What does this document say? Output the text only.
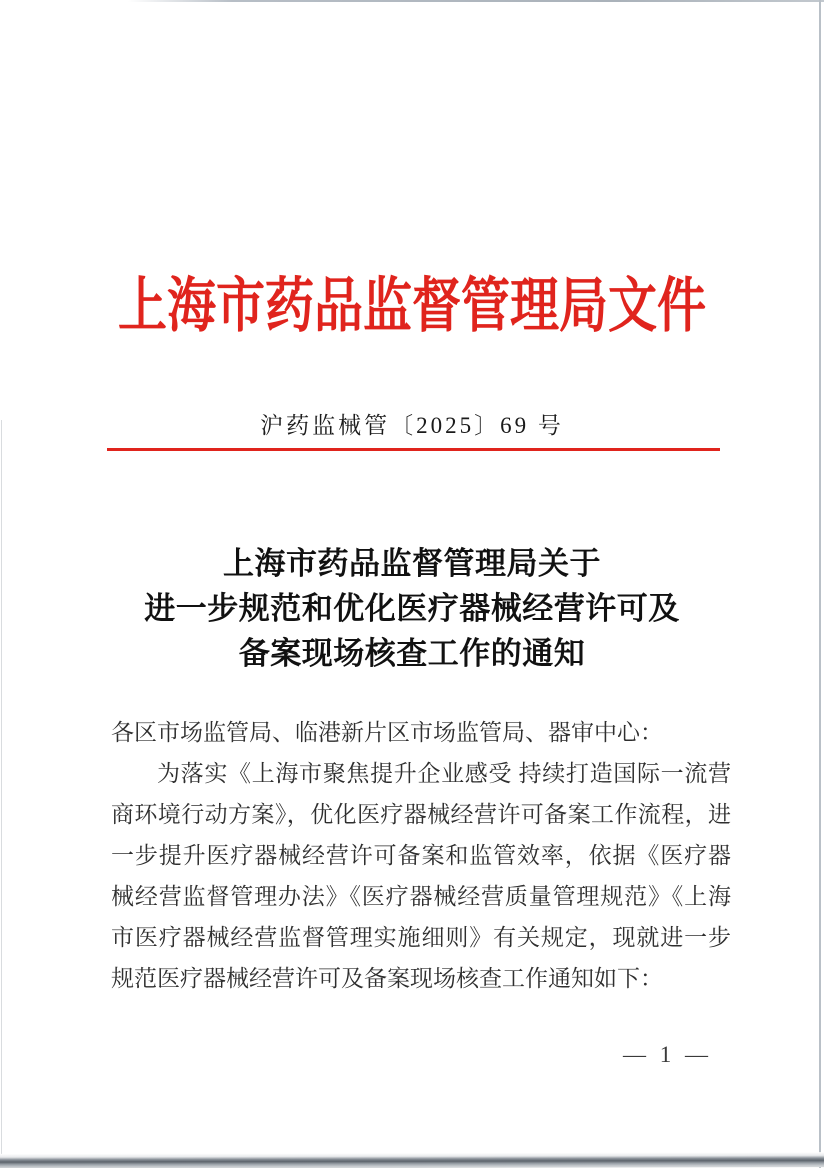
上海市药品监督管理局文件
沪药监械管〔2025〕69 号
上海市药品监督管理局关于
进一步规范和优化医疗器械经营许可及
备案现场核查工作的通知

各区市场监管局、临港新片区市场监管局、器审中心：

为落实《上海市聚焦提升企业感受 持续打造国际一流营商环境行动方案》，优化医疗器械经营许可备案工作流程，进一步提升医疗器械经营许可备案和监管效率，依据《医疗器械经营监督管理办法》《医疗器械经营质量管理规范》《上海市医疗器械经营监督管理实施细则》有关规定，现就进一步规范医疗器械经营许可及备案现场核查工作通知如下：

— 1 —
